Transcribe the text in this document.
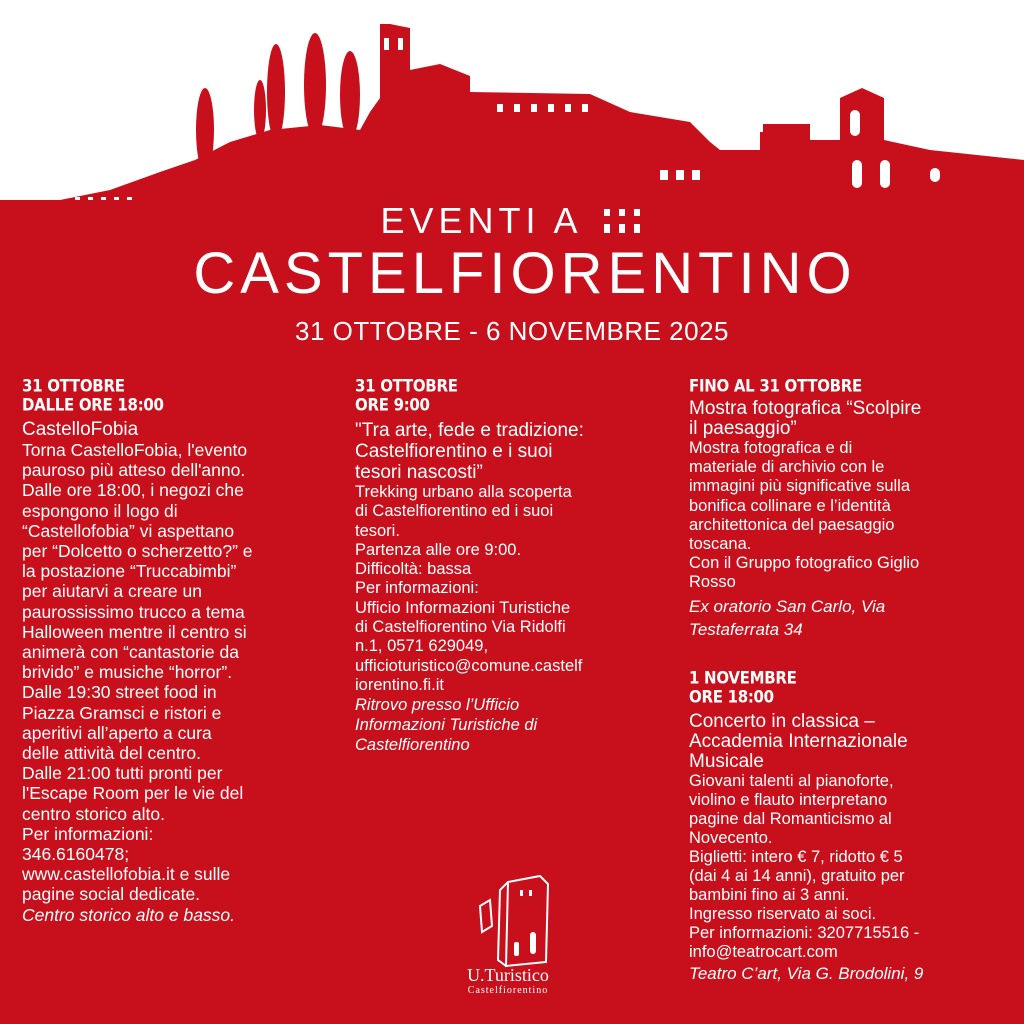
EVENTI A
CASTELFIORENTINO
31 OTTOBRE - 6 NOVEMBRE 2025
31 OTTOBRE
DALLE ORE 18:00
CastelloFobia
Torna CastelloFobia, l'evento
pauroso più atteso dell'anno.
Dalle ore 18:00, i negozi che
espongono il logo di
“Castellofobia” vi aspettano
per “Dolcetto o scherzetto?” e
la postazione “Truccabimbi”
per aiutarvi a creare un
paurossissimo trucco a tema
Halloween mentre il centro si
animerà con “cantastorie da
brivido” e musiche “horror”.
Dalle 19:30 street food in
Piazza Gramsci e ristori e
aperitivi all’aperto a cura
delle attività del centro.
Dalle 21:00 tutti pronti per
l'Escape Room per le vie del
centro storico alto.
Per informazioni:
346.6160478;
www.castellofobia.it e sulle
pagine social dedicate.
Centro storico alto e basso.
31 OTTOBRE
ORE 9:00
"Tra arte, fede e tradizione:
Castelfiorentino e i suoi
tesori nascosti”
Trekking urbano alla scoperta
di Castelfiorentino ed i suoi
tesori.
Partenza alle ore 9:00.
Difficoltà: bassa
Per informazioni:
Ufficio Informazioni Turistiche
di Castelfiorentino Via Ridolfi
n.1, 0571 629049,
ufficioturistico@comune.castelf
iorentino.fi.it
Ritrovo presso l’Ufficio
Informazioni Turistiche di
Castelfiorentino
FINO AL 31 OTTOBRE
Mostra fotografica “Scolpire
il paesaggio”
Mostra fotografica e di
materiale di archivio con le
immagini più significative sulla
bonifica collinare e l’identità
architettonica del paesaggio
toscana.
Con il Gruppo fotografico Giglio
Rosso
Ex oratorio San Carlo, Via
Testaferrata 34
1 NOVEMBRE
ORE 18:00
Concerto in classica –
Accademia Internazionale
Musicale
Giovani talenti al pianoforte,
violino e flauto interpretano
pagine dal Romanticismo al
Novecento.
Biglietti: intero € 7, ridotto € 5
(dai 4 ai 14 anni), gratuito per
bambini fino ai 3 anni.
Ingresso riservato ai soci.
Per informazioni: 3207715516 -
info@teatrocart.com
Teatro C’art, Via G. Brodolini, 9
U.Turistico
Castelfiorentino
